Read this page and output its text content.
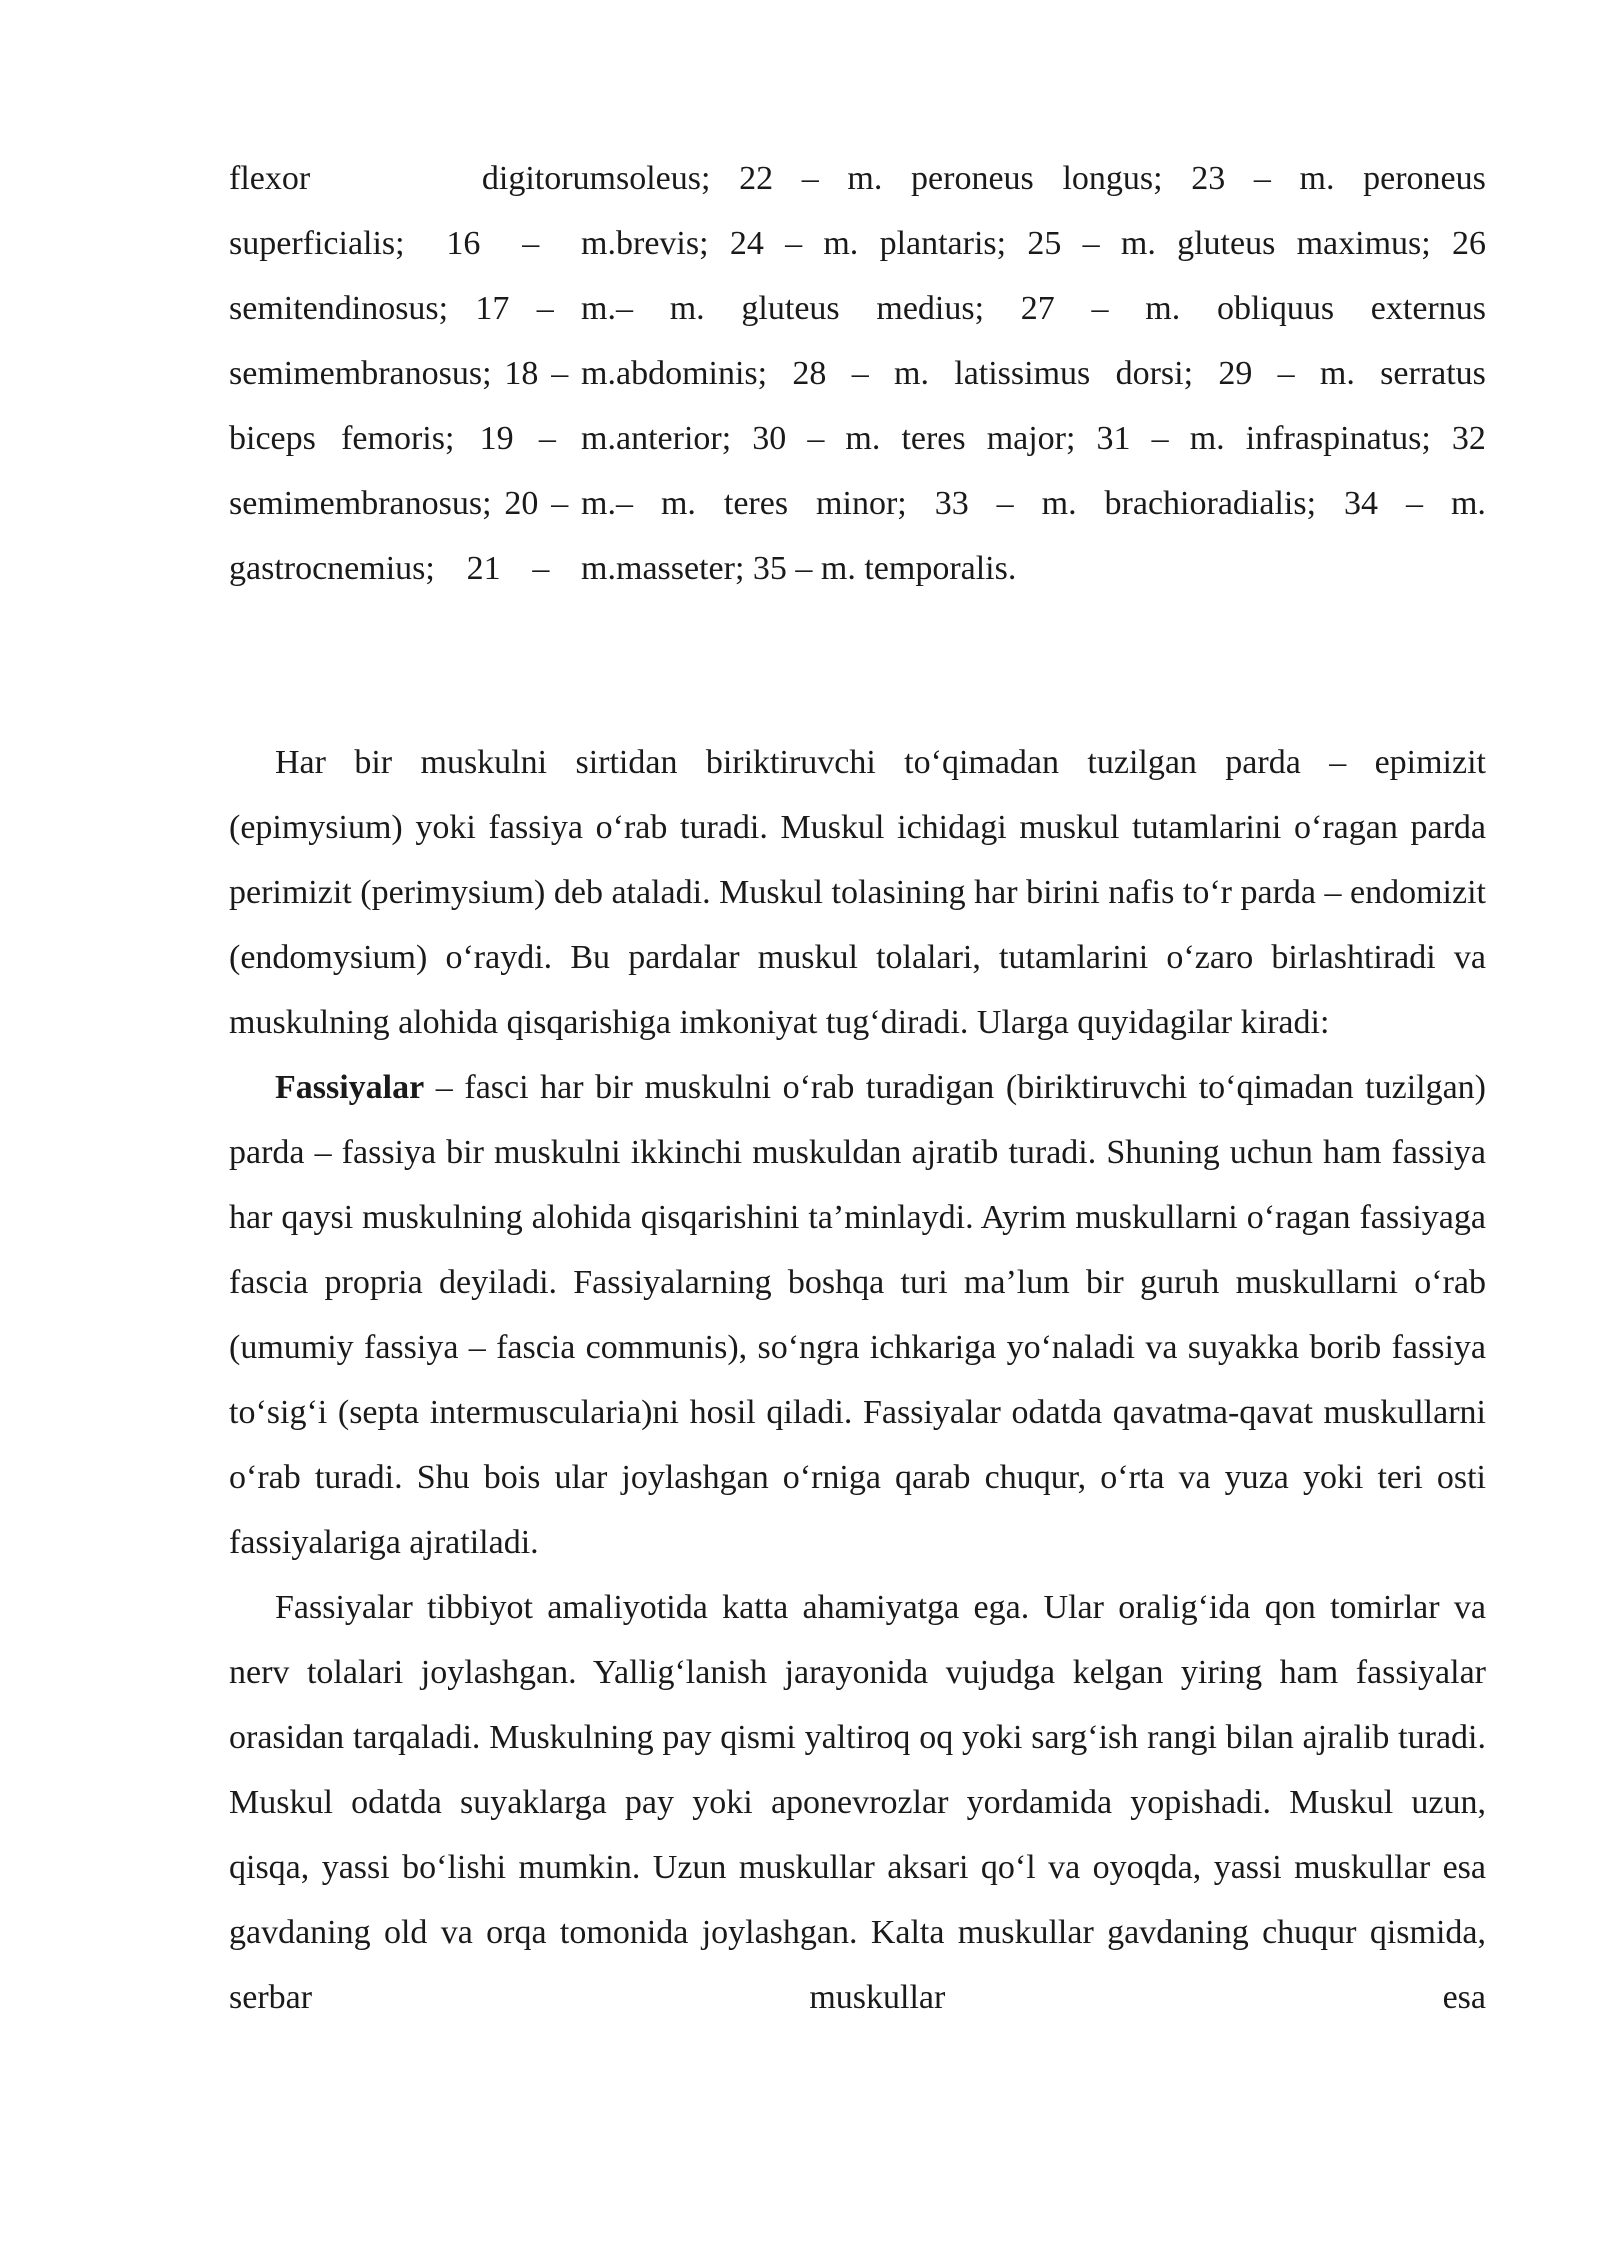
flexor	digitorum soleus; 22 – m. peroneus longus; 23 – m. peroneus
superficialis; 16 – m. brevis; 24 – m. plantaris; 25 – m. gluteus maximus; 26
semitendinosus; 17 – m. – m. gluteus medius; 27 – m. obliquus externus
semimembranosus; 18 – m. abdominis; 28 – m. latissimus dorsi; 29 – m. serratus
biceps femoris; 19 – m. anterior; 30 – m. teres major; 31 – m. infraspinatus; 32
semimembranosus; 20 – m. – m. teres minor; 33 – m. brachioradialis; 34 – m.
gastrocnemius; 21 – m. masseter; 35 – m. temporalis.

Har bir muskulni sirtidan biriktiruvchi to‘qimadan tuzilgan parda – epimizit (epimysium) yoki fassiya o‘rab turadi. Muskul ichidagi muskul tutamlarini o‘ragan parda perimizit (perimysium) deb ataladi. Muskul tolasining har birini nafis to‘r parda – endomizit (endomysium) o‘raydi. Bu pardalar muskul tolalari, tutamlarini o‘zaro birlashtiradi va muskulning alohida qisqarishiga imkoniyat tug‘diradi. Ularga quyidagilar kiradi:

Fassiyalar – fasci har bir muskulni o‘rab turadigan (biriktiruvchi to‘qimadan tuzilgan) parda – fassiya bir muskulni ikkinchi muskuldan ajratib turadi. Shuning uchun ham fassiya har qaysi muskulning alohida qisqarishini ta’minlaydi. Ayrim muskullarni o‘ragan fassiyaga fascia propria deyiladi. Fassiyalarning boshqa turi ma’lum bir guruh muskullarni o‘rab (umumiy fassiya – fascia communis), so‘ngra ichkariga yo‘naladi va suyakka borib fassiya to‘sig‘i (septa intermuscularia)ni hosil qiladi. Fassiyalar odatda qavatma-qavat muskullarni o‘rab turadi. Shu bois ular joylashgan o‘rniga qarab chuqur, o‘rta va yuza yoki teri osti fassiyalariga ajratiladi.

Fassiyalar tibbiyot amaliyotida katta ahamiyatga ega. Ular oralig‘ida qon tomirlar va nerv tolalari joylashgan. Yallig‘lanish jarayonida vujudga kelgan yiring ham fassiyalar orasidan tarqaladi. Muskulning pay qismi yaltiroq oq yoki sarg‘ish rangi bilan ajralib turadi. Muskul odatda suyaklarga pay yoki aponevrozlar yordamida yopishadi. Muskul uzun, qisqa, yassi bo‘lishi mumkin. Uzun muskullar aksari qo‘l va oyoqda, yassi muskullar esa gavdaning old va orqa tomonida joylashgan. Kalta muskullar gavdaning chuqur qismida, serbar muskullar esa
